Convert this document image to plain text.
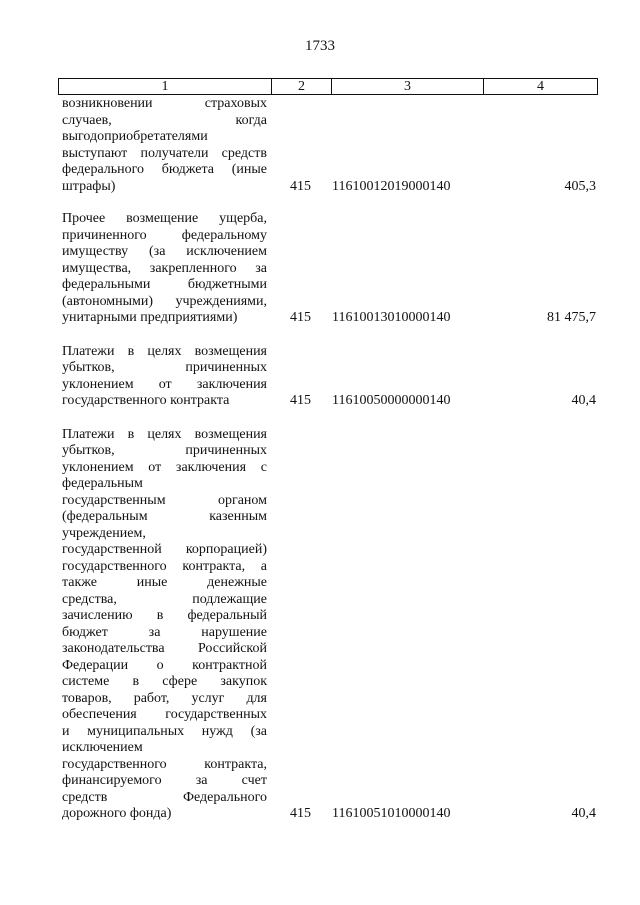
1733
1	2	3	4
возникновении страховых
случаев, когда
выгодоприобретателями
выступают получатели средств
федерального бюджета (иные
штрафы)	415 11610012019000140	405,3
Прочее возмещение ущерба,
причиненного федеральному
имуществу (за исключением
имущества, закрепленного за
федеральными бюджетными
(автономными) учреждениями,
унитарными предприятиями)	415 11610013010000140	81 475,7
Платежи в целях возмещения
убытков, причиненных
уклонением от заключения
государственного контракта	415 11610050000000140	40,4
Платежи в целях возмещения
убытков, причиненных
уклонением от заключения с
федеральным
государственным органом
(федеральным казенным
учреждением,
государственной корпорацией)
государственного контракта, а
также иные денежные
средства, подлежащие
зачислению в федеральный
бюджет за нарушение
законодательства Российской
Федерации о контрактной
системе в сфере закупок
товаров, работ, услуг для
обеспечения государственных
и муниципальных нужд (за
исключением
государственного контракта,
финансируемого за счет
средств Федерального
дорожного фонда)	415 11610051010000140	40,4
